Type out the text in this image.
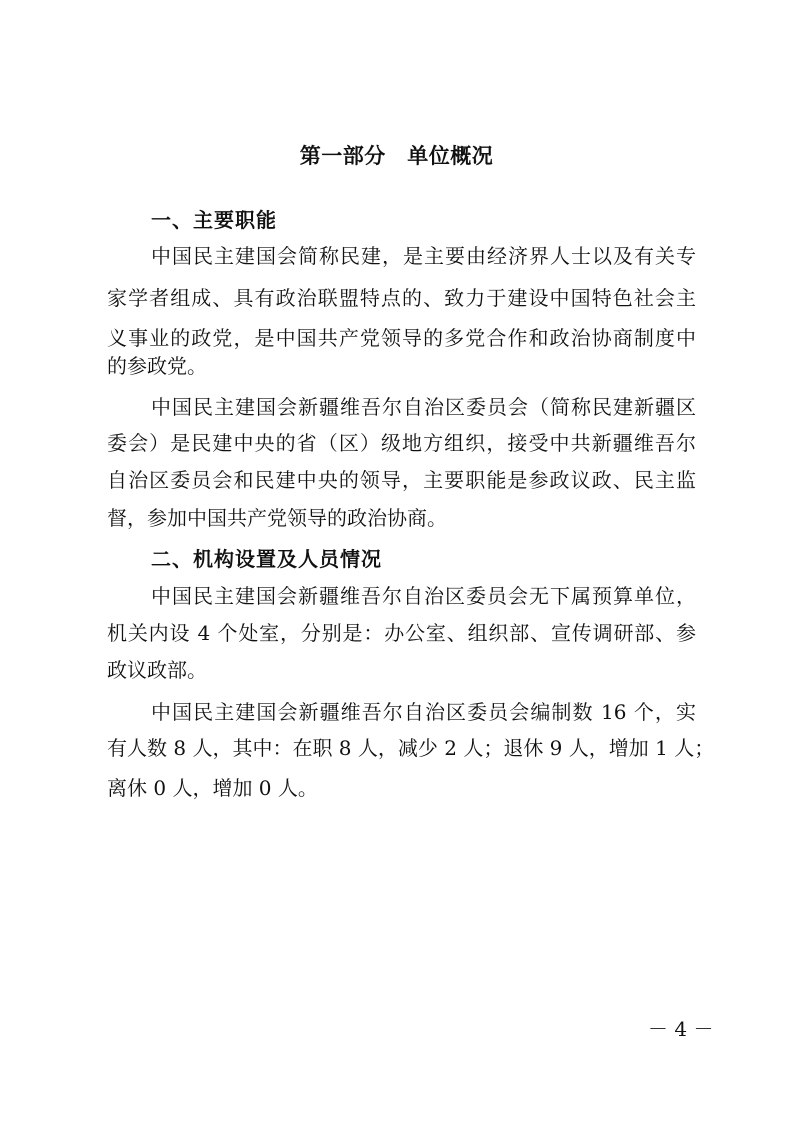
第一部分　单位概况
一、主要职能
中国民主建国会简称民建，是主要由经济界人士以及有关专
家学者组成、具有政治联盟特点的、致力于建设中国特色社会主
义事业的政党，是中国共产党领导的多党合作和政治协商制度中
的参政党。
中国民主建国会新疆维吾尔自治区委员会（简称民建新疆区
委会）是民建中央的省（区）级地方组织，接受中共新疆维吾尔
自治区委员会和民建中央的领导，主要职能是参政议政、民主监
督，参加中国共产党领导的政治协商。
二、机构设置及人员情况
中国民主建国会新疆维吾尔自治区委员会无下属预算单位，
机关内设 4 个处室，分别是：办公室、组织部、宣传调研部、参
政议政部。
中国民主建国会新疆维吾尔自治区委员会编制数 16 个，实
有人数 8 人，其中：在职 8 人，减少 2 人；退休 9 人，增加 1 人；
离休 0 人，增加 0 人。
－ 4 －
